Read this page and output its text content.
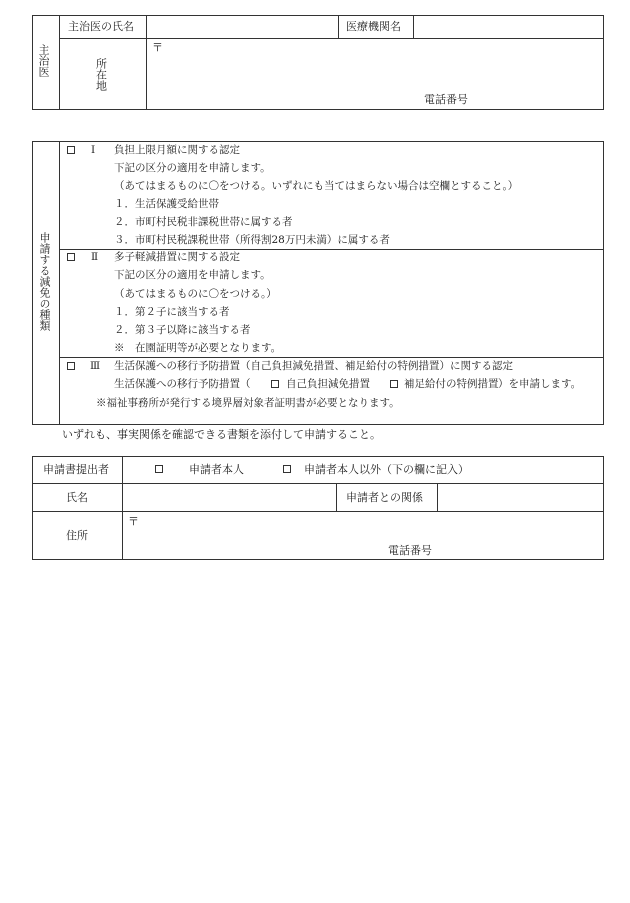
主治医
主治医の氏名	医療機関名
所在地
〒
電話番号
申請する減免の種類
Ⅰ 負担上限月額に関する認定
下記の区分の適用を申請します。
（あてはまるものに〇をつける。いずれにも当てはまらない場合は空欄とすること。）
１．生活保護受給世帯
２．市町村民税非課税世帯に属する者
３．市町村民税課税世帯（所得割28万円未満）に属する者
Ⅱ 多子軽減措置に関する設定
下記の区分の適用を申請します。
（あてはまるものに〇をつける。）
１．第２子に該当する者
２．第３子以降に該当する者
※　在園証明等が必要となります。
Ⅲ 生活保護への移行予防措置（自己負担減免措置、補足給付の特例措置）に関する認定
生活保護への移行予防措置（	自己負担減免措置	補足給付の特例措置 ）を申請します。
※福祉事務所が発行する境界層対象者証明書が必要となります。
いずれも、事実関係を確認できる書類を添付して申請すること。
申請書提出者	申請者本人	申請者本人以外（下の欄に記入）
氏名	申請者との関係
住所
〒
電話番号
